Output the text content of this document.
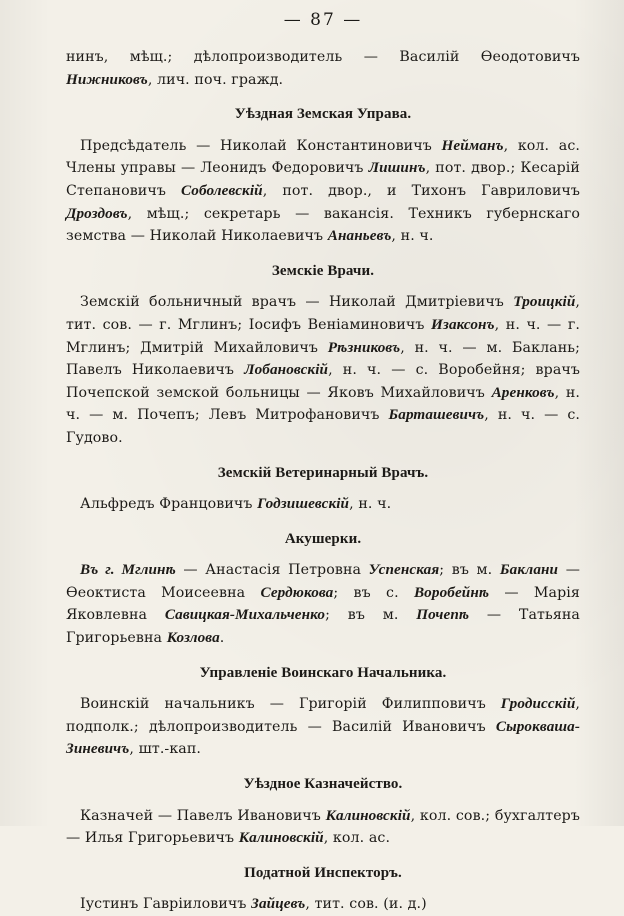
— 87 —

нинъ, мѣщ.; дѣлопроизводитель — Василій Ѳеодотовичъ Нижниковъ, лич. поч. гражд.

Уѣздная Земская Управа.

Предсѣдатель — Николай Константиновичъ Нейманъ, кол. ас. Члены управы — Леонидъ Федоровичъ Лишинъ, пот. двор.; Кесарій Степановичъ Соболевскій, пот. двор., и Тихонъ Гавриловичъ Дроздовъ, мѣщ.; секретарь — вакансія. Техникъ губернскаго земства — Николай Николаевичъ Ананьевъ, н. ч.

Земскіе Врачи.

Земскій больничный врачъ — Николай Дмитріевичъ Троицкій, тит. сов. — г. Мглинъ; Іосифъ Веніаминовичъ Изаксонъ, н. ч. — г. Мглинъ; Дмитрій Михайловичъ Рѣзниковъ, н. ч. — м. Баклань; Павелъ Николаевичъ Лобановскій, н. ч. — с. Воробейня; врачъ Почепской земской больницы — Яковъ Михайловичъ Аренковъ, н. ч. — м. Почепъ; Левъ Митрофановичъ Барташевичъ, н. ч. — с. Гудово.

Земскій Ветеринарный Врачъ.

Альфредъ Францовичъ Годзишевскій, н. ч.

Акушерки.

Въ г. Мглинѣ — Анастасія Петровна Успенская; въ м. Баклани — Ѳеоктиста Моисеевна Сердюкова; въ с. Воробейнѣ — Марія Яковлевна Савицкая-Михальченко; въ м. Почепѣ — Татьяна Григорьевна Козлова.

Управленіе Воинскаго Начальника.

Воинскій начальникъ — Григорій Филипповичъ Гродисскій, подполк.; дѣлопроизводитель — Василій Ивановичъ Сыроквашa-Зиневичъ, шт.-кап.

Уѣздное Казначейство.

Казначей — Павелъ Ивановичъ Калиновскій, кол. сов.; бухгалтеръ — Илья Григорьевичъ Калиновскій, кол. ас.

Податной Инспекторъ.

Іустинъ Гавріиловичъ Зайцевъ, тит. сов. (и. д.)
